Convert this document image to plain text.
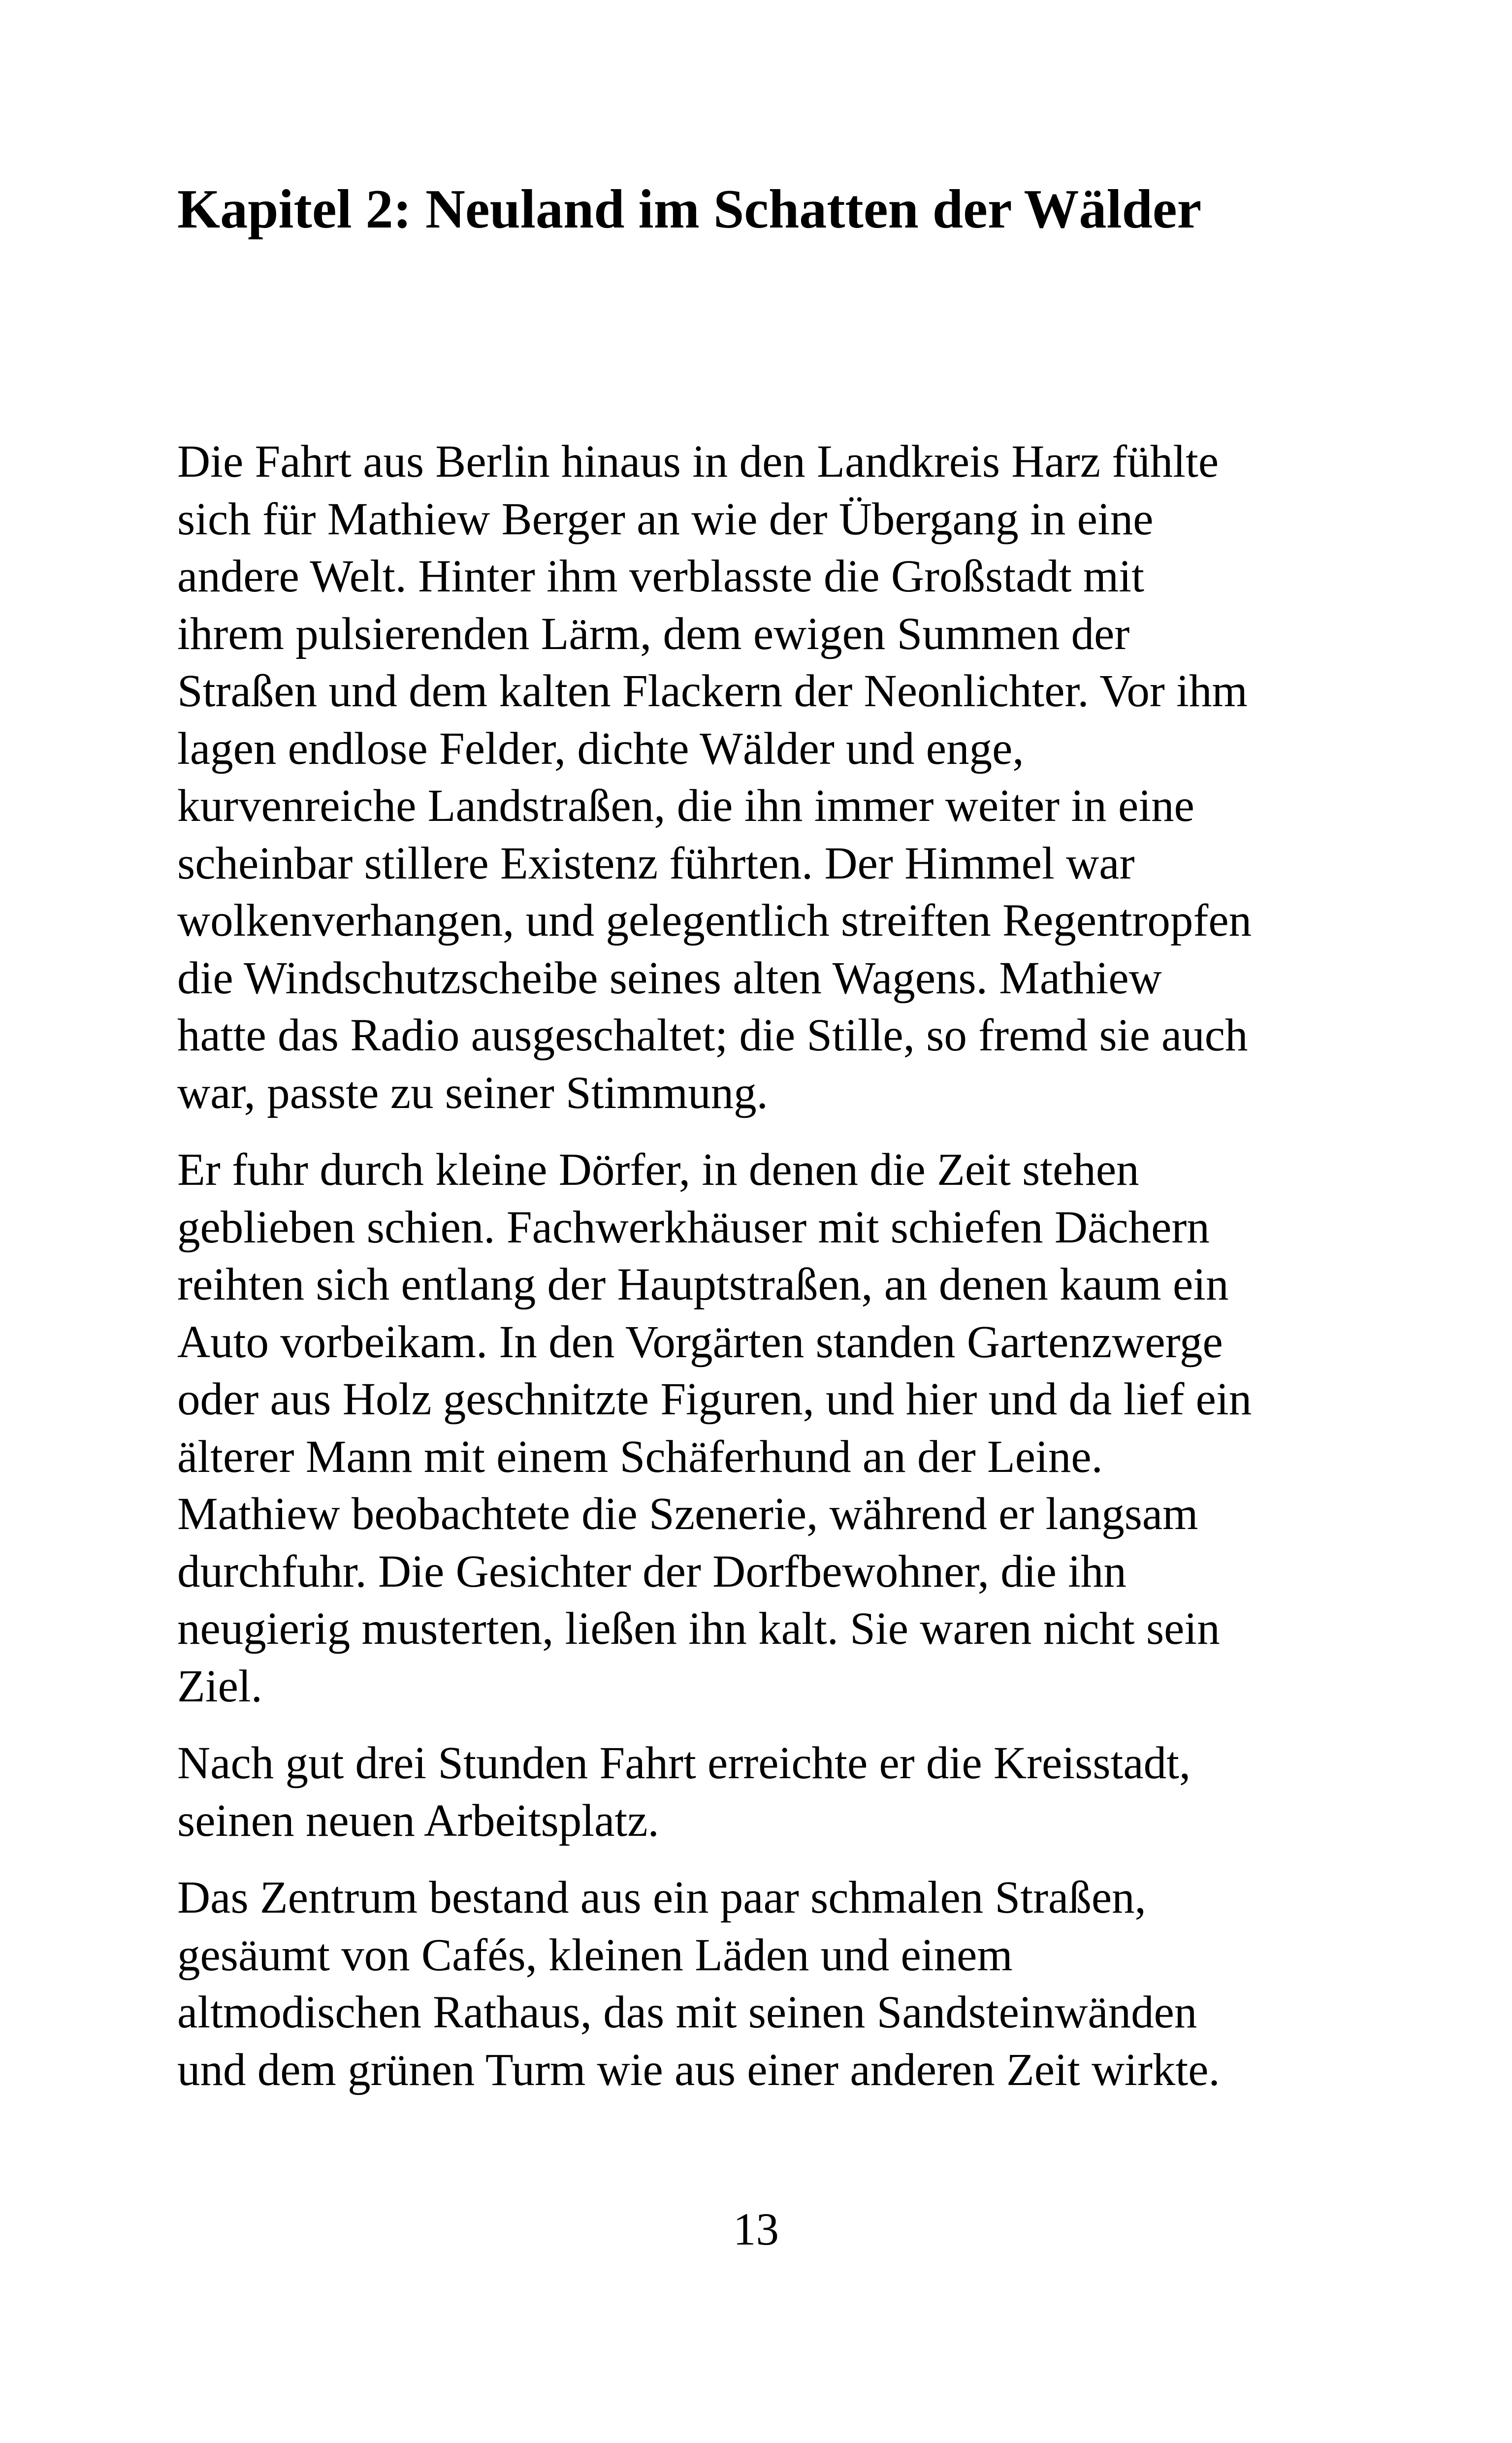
Kapitel 2: Neuland im Schatten der Wälder

Die Fahrt aus Berlin hinaus in den Landkreis Harz fühlte
sich für Mathiew Berger an wie der Übergang in eine
andere Welt. Hinter ihm verblasste die Großstadt mit
ihrem pulsierenden Lärm, dem ewigen Summen der
Straßen und dem kalten Flackern der Neonlichter. Vor ihm
lagen endlose Felder, dichte Wälder und enge,
kurvenreiche Landstraßen, die ihn immer weiter in eine
scheinbar stillere Existenz führten. Der Himmel war
wolkenverhangen, und gelegentlich streiften Regentropfen
die Windschutzscheibe seines alten Wagens. Mathiew
hatte das Radio ausgeschaltet; die Stille, so fremd sie auch
war, passte zu seiner Stimmung.

Er fuhr durch kleine Dörfer, in denen die Zeit stehen
geblieben schien. Fachwerkhäuser mit schiefen Dächern
reihten sich entlang der Hauptstraßen, an denen kaum ein
Auto vorbeikam. In den Vorgärten standen Gartenzwerge
oder aus Holz geschnitzte Figuren, und hier und da lief ein
älterer Mann mit einem Schäferhund an der Leine.
Mathiew beobachtete die Szenerie, während er langsam
durchfuhr. Die Gesichter der Dorfbewohner, die ihn
neugierig musterten, ließen ihn kalt. Sie waren nicht sein
Ziel.

Nach gut drei Stunden Fahrt erreichte er die Kreisstadt,
seinen neuen Arbeitsplatz.

Das Zentrum bestand aus ein paar schmalen Straßen,
gesäumt von Cafés, kleinen Läden und einem
altmodischen Rathaus, das mit seinen Sandsteinwänden
und dem grünen Turm wie aus einer anderen Zeit wirkte.

13
